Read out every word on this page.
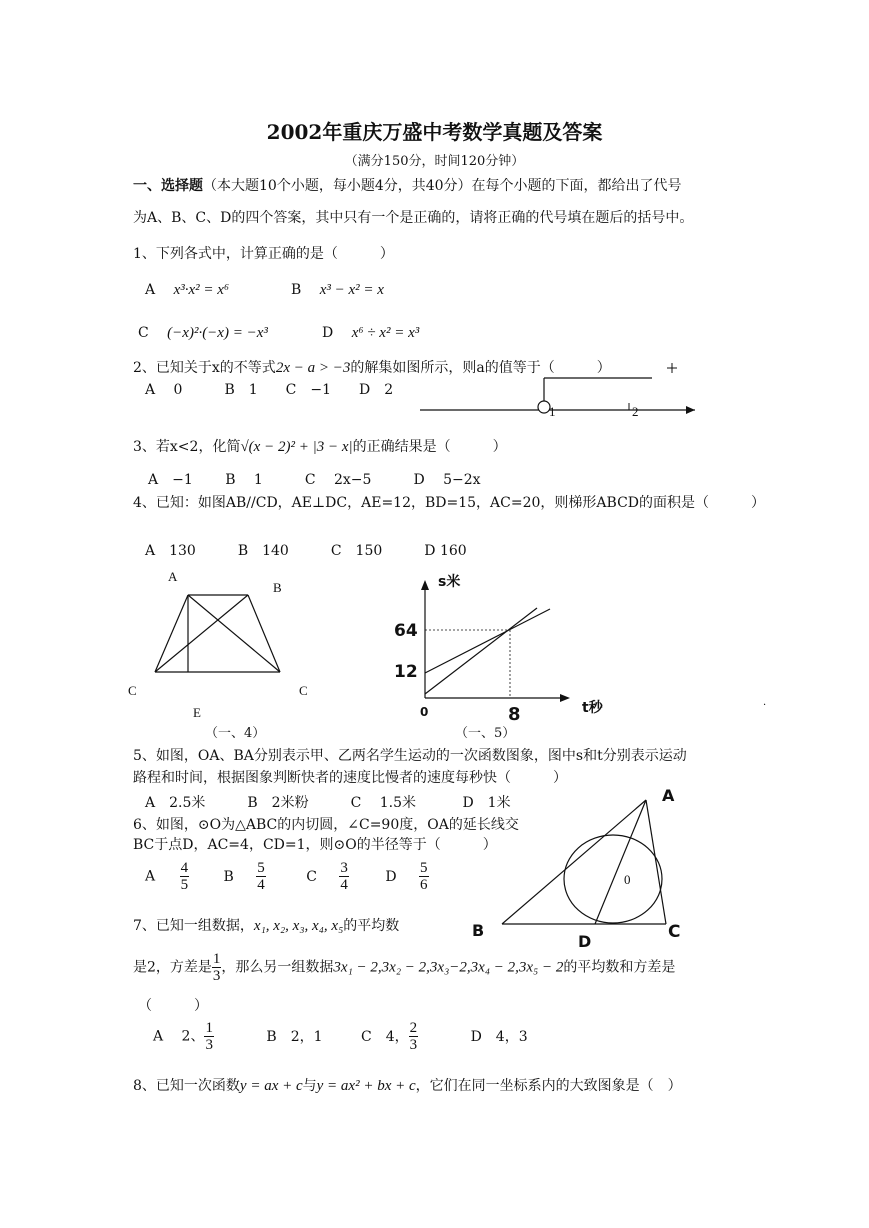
2002年重庆万盛中考数学真题及答案
（满分150分，时间120分钟）
一、选择题（本大题10个小题，每小题4分，共40分）在每个小题的下面，都给出了代号
为A、B、C、D的四个答案，其中只有一个是正确的，请将正确的代号填在题后的括号中。
1、下列各式中，计算正确的是（　　　）
A x³·x² = x⁶	B x³ − x² = x
C (−x)²·(−x) = −x³	D x⁶ ÷ x² = x³
2、已知关于x的不等式2x − a > −3的解集如图所示，则a的值等于（　　　）
A　 0　　　B　1　　C　−1　　D　2
1	2
3、若x<2，化简√(x − 2)² + |3 − x|的正确结果是（　　　）
A　−1　　 B　 1　　　C　 2x−5　　　D　 5−2x
4、已知：如图AB//CD，AE⊥DC，AE=12，BD=15，AC=20，则梯形ABCD的面积是（　　　）
A　130　　　B　140　　　C　150　　　D 160
A
B
C	C
E
（一、4）
s米
t秒
64
12
0	8
（一、5）
·
5、如图，OA、BA分别表示甲、乙两名学生运动的一次函数图象，图中s和t分别表示运动
路程和时间，根据图象判断快者的速度比慢者的速度每秒快（　　　）
A　2.5米　　　B　2米粉　　　C　 1.5米　　　 D　1米
6、如图，⊙O为△ABC的内切圆，∠C=90度，OA的延长线交
BC于点D，AC=4，CD=1，则⊙O的半径等于（　　　）
A $\frac{4}{5}$ B $\frac{5}{4}$	C $\frac{3}{4}$	D $\frac{5}{6}$
A
B	C
D
0
7、已知一组数据，x₁, x₂, x₃, x₄, x₅的平均数
是2，方差是 $\frac{1}{3}$ ，那么另一组数据3x₁ − 2,3x₂ − 2,3x₃−2,3x₄ − 2,3x₅ − 2的平均数和方差是
（　　　）
A　 2、 $\frac{1}{3}$	B　2，1	C　4， $\frac{2}{3}$	D　4，3
8、已知一次函数y = ax + c与y = ax² + bx + c，它们在同一坐标系内的大致图象是（　）
